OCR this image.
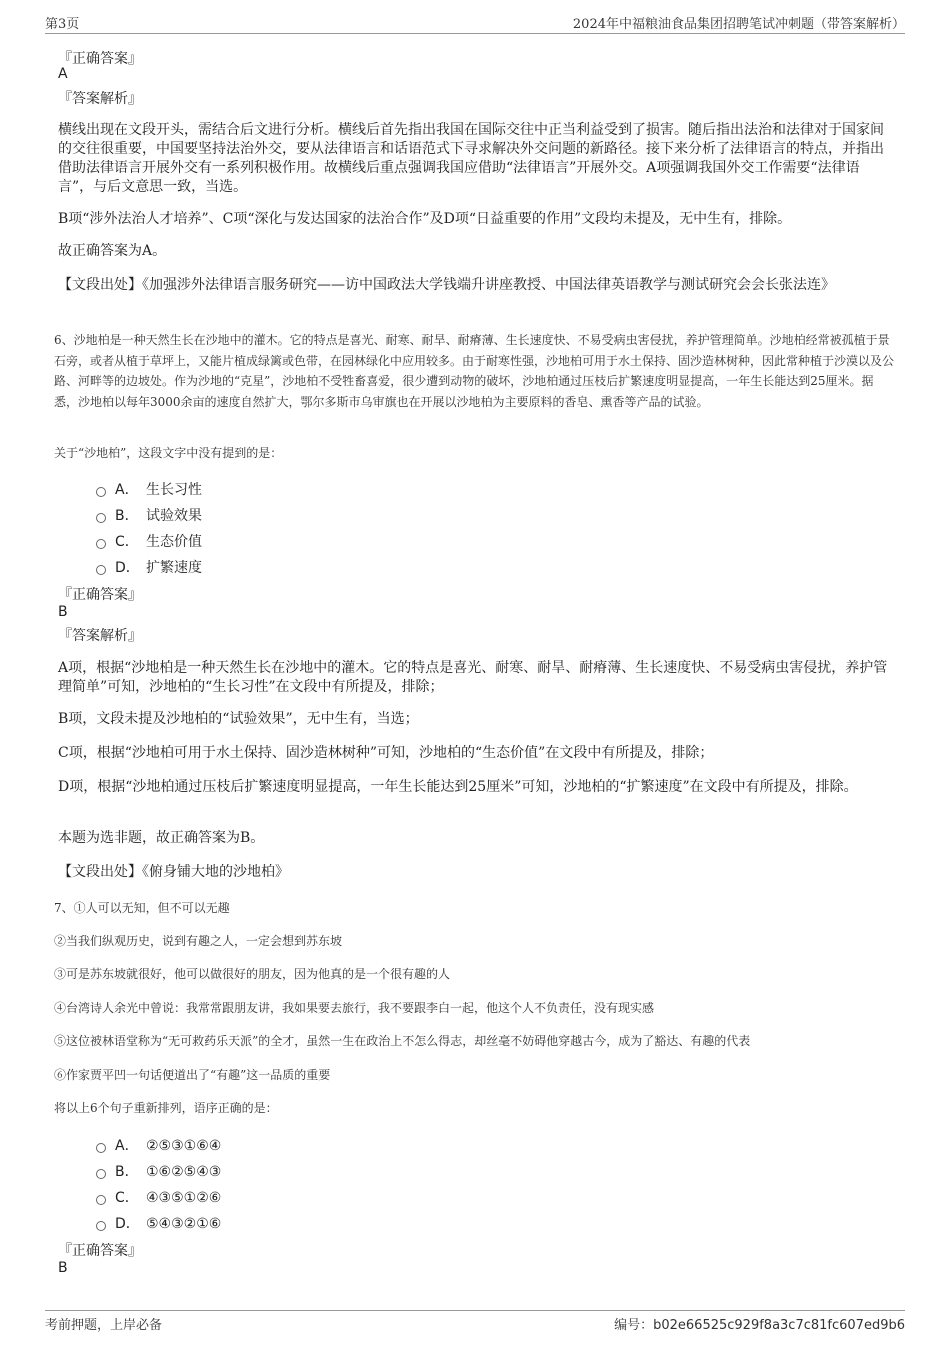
第3页	2024年中福粮油食品集团招聘笔试冲刺题（带答案解析）
『正确答案』
A
『答案解析』
横线出现在文段开头，需结合后文进行分析。横线后首先指出我国在国际交往中正当利益受到了损害。随后指出法治和法律对于国家间的交往很重要，中国要坚持法治外交，要从法律语言和话语范式下寻求解决外交问题的新路径。接下来分析了法律语言的特点，并指出借助法律语言开展外交有一系列积极作用。故横线后重点强调我国应借助“法律语言”开展外交。A项强调我国外交工作需要“法律语言”，与后文意思一致，当选。
B项“涉外法治人才培养”、C项“深化与发达国家的法治合作”及D项“日益重要的作用”文段均未提及，无中生有，排除。
故正确答案为A。
【文段出处】《加强涉外法律语言服务研究——访中国政法大学钱端升讲座教授、中国法律英语教学与测试研究会会长张法连》
6、沙地柏是一种天然生长在沙地中的灌木。它的特点是喜光、耐寒、耐旱、耐瘠薄、生长速度快、不易受病虫害侵扰，养护管理简单。沙地柏经常被孤植于景石旁，或者从植于草坪上，又能片植成绿篱或色带，在园林绿化中应用较多。由于耐寒性强，沙地柏可用于水土保持、固沙造林树种，因此常种植于沙漠以及公路、河畔等的边坡处。作为沙地的“克星”，沙地柏不受牲畜喜爱，很少遭到动物的破坏，沙地柏通过压枝后扩繁速度明显提高，一年生长能达到25厘米。据悉，沙地柏以每年3000余亩的速度自然扩大，鄂尔多斯市乌审旗也在开展以沙地柏为主要原料的香皂、熏香等产品的试验。
关于“沙地柏”，这段文字中没有提到的是：
A． 生长习性
B． 试验效果
C． 生态价值
D． 扩繁速度
『正确答案』
B
『答案解析』
A项，根据“沙地柏是一种天然生长在沙地中的灌木。它的特点是喜光、耐寒、耐旱、耐瘠薄、生长速度快、不易受病虫害侵扰，养护管理简单”可知，沙地柏的“生长习性”在文段中有所提及，排除；
B项，文段未提及沙地柏的“试验效果”，无中生有，当选；
C项，根据“沙地柏可用于水土保持、固沙造林树种”可知，沙地柏的“生态价值”在文段中有所提及，排除；
D项，根据“沙地柏通过压枝后扩繁速度明显提高，一年生长能达到25厘米”可知，沙地柏的“扩繁速度”在文段中有所提及，排除。
本题为选非题，故正确答案为B。
【文段出处】《俯身铺大地的沙地柏》
7、①人可以无知，但不可以无趣
②当我们纵观历史，说到有趣之人，一定会想到苏东坡
③可是苏东坡就很好，他可以做很好的朋友，因为他真的是一个很有趣的人
④台湾诗人余光中曾说：我常常跟朋友讲，我如果要去旅行，我不要跟李白一起，他这个人不负责任，没有现实感
⑤这位被林语堂称为“无可救药乐天派”的全才，虽然一生在政治上不怎么得志，却丝毫不妨碍他穿越古今，成为了豁达、有趣的代表
⑥作家贾平凹一句话便道出了“有趣”这一品质的重要
将以上6个句子重新排列，语序正确的是：
A． ②⑤③①⑥④
B． ①⑥②⑤④③
C． ④③⑤①②⑥
D． ⑤④③②①⑥
『正确答案』
B
考前押题，上岸必备	编号：b02e66525c929f8a3c7c81fc607ed9b6
